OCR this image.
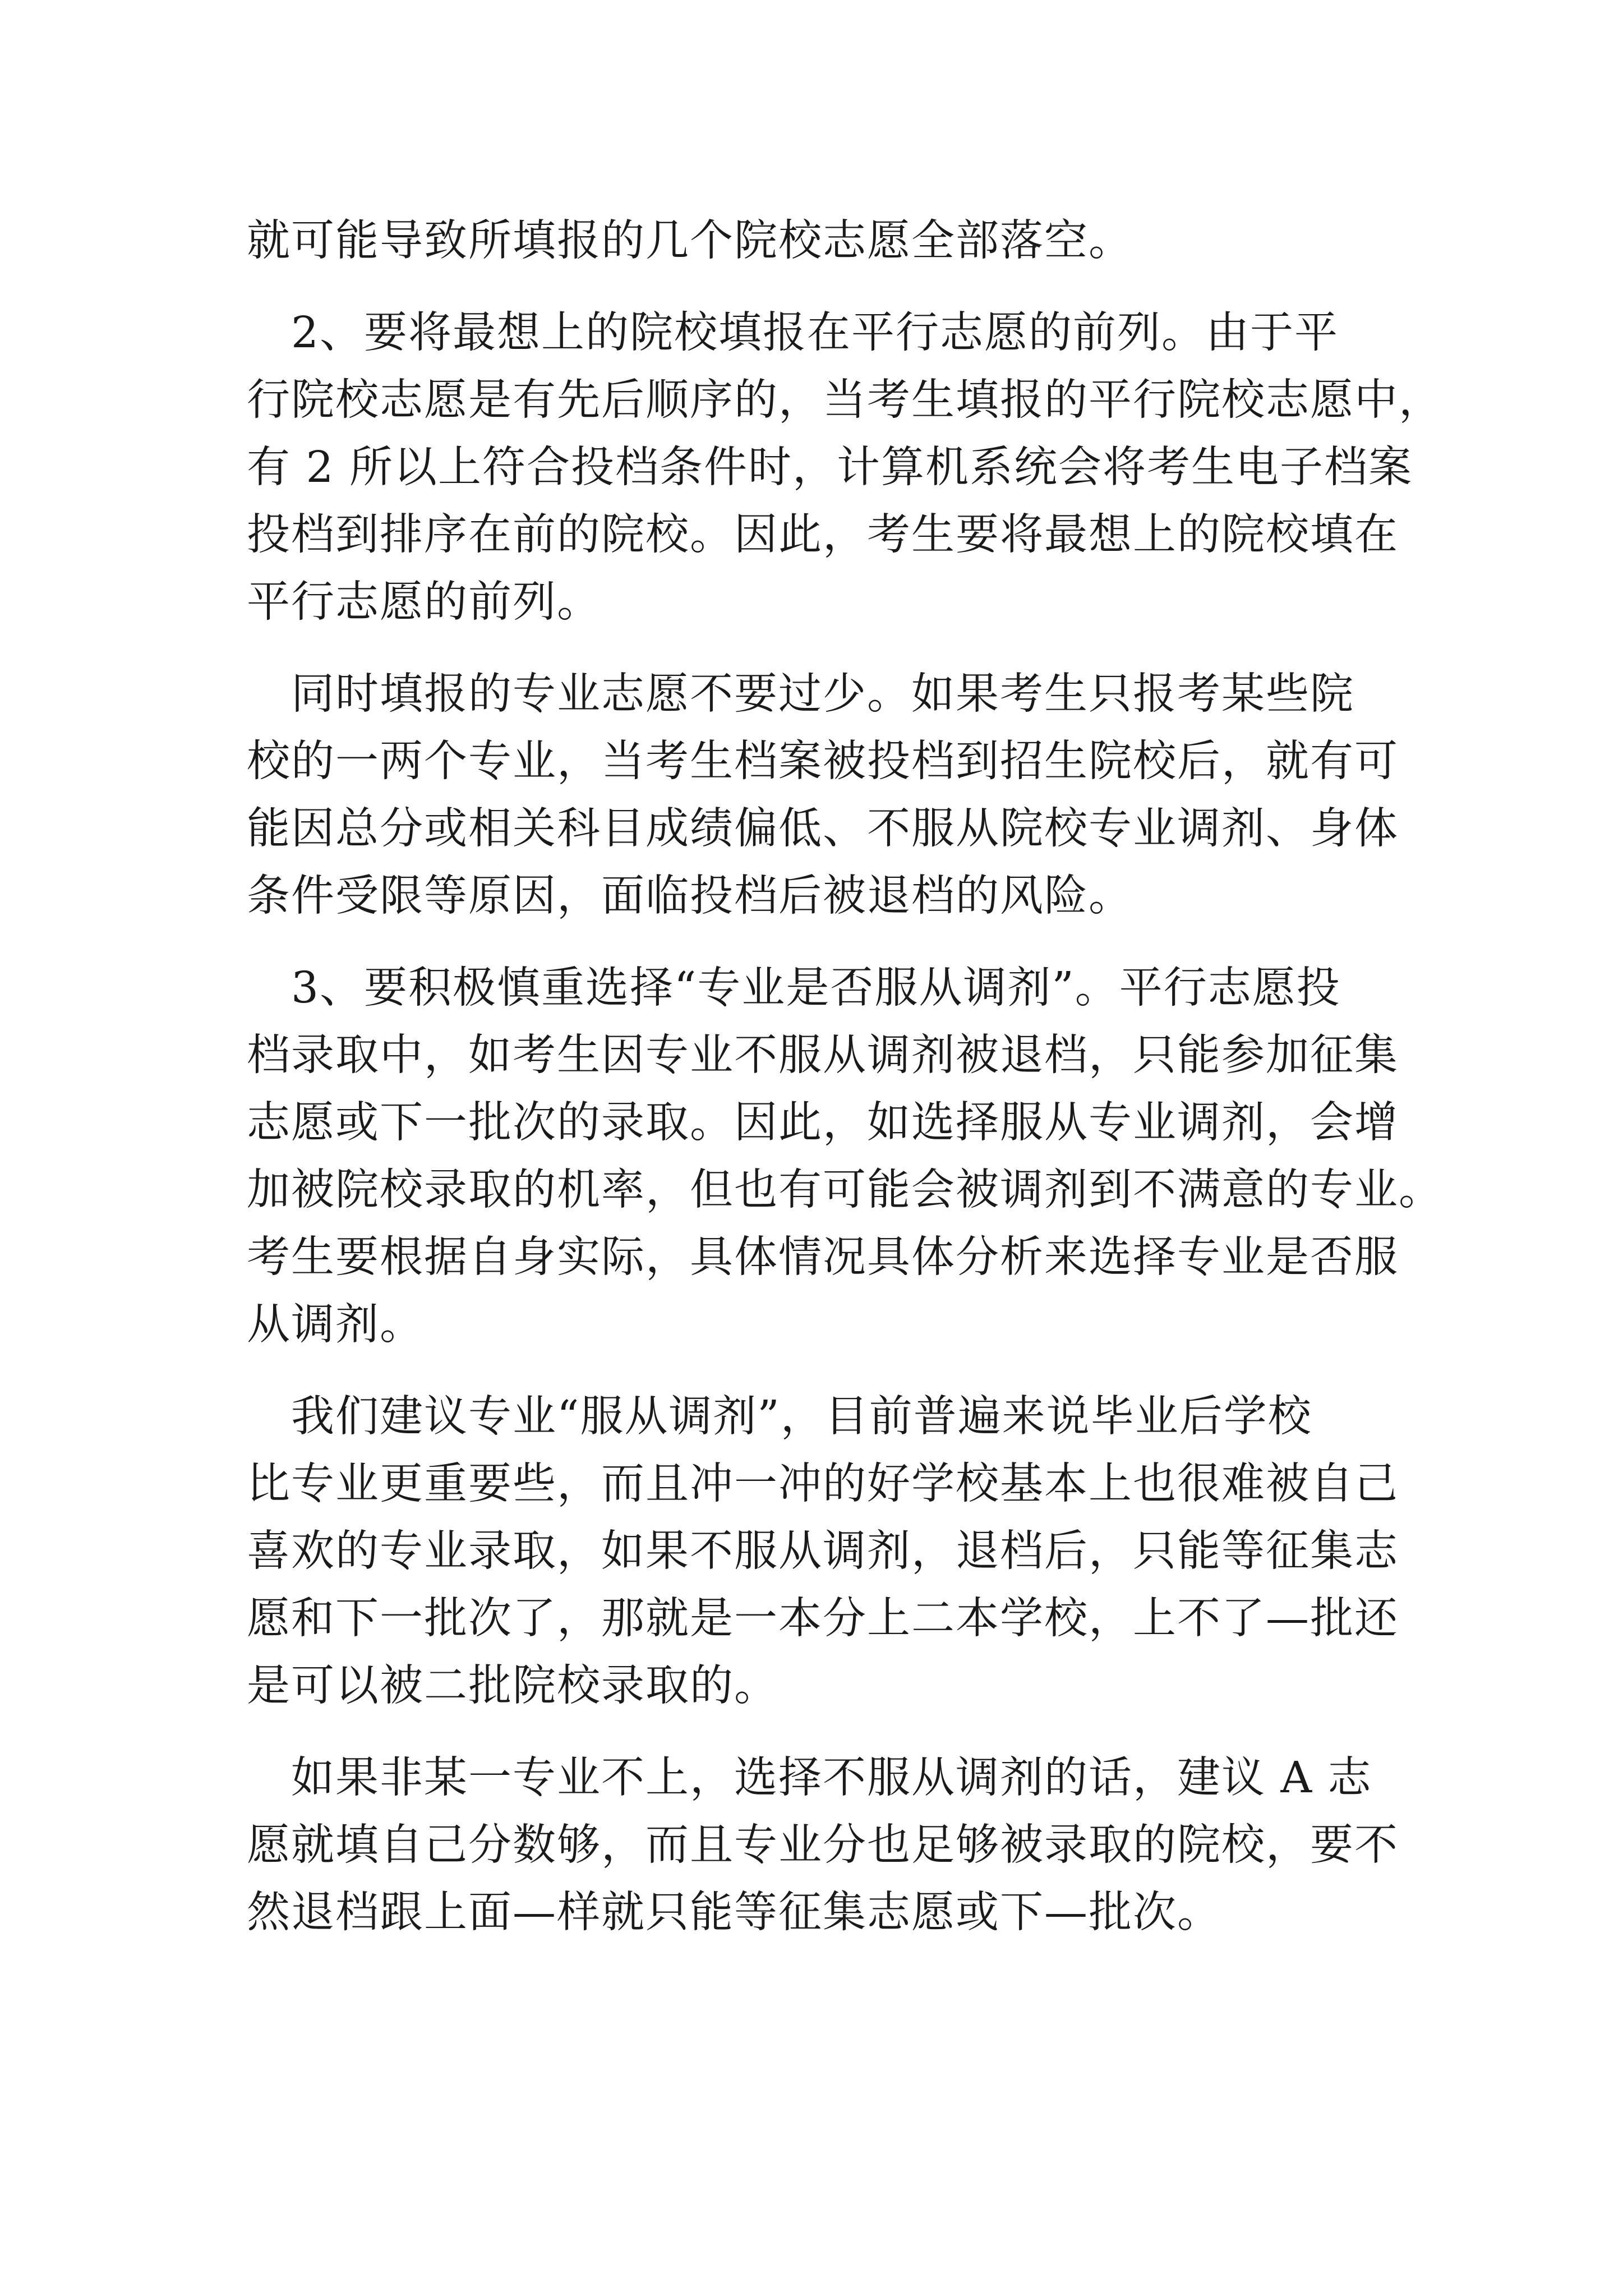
就可能导致所填报的几个院校志愿全部落空。
　2、要将最想上的院校填报在平行志愿的前列。由于平
行院校志愿是有先后顺序的，当考生填报的平行院校志愿中，
有 2 所以上符合投档条件时，计算机系统会将考生电子档案
投档到排序在前的院校。因此，考生要将最想上的院校填在
平行志愿的前列。
　同时填报的专业志愿不要过少。如果考生只报考某些院
校的一两个专业，当考生档案被投档到招生院校后，就有可
能因总分或相关科目成绩偏低、不服从院校专业调剂、身体
条件受限等原因，面临投档后被退档的风险。
　3、要积极慎重选择“专业是否服从调剂”。平行志愿投
档录取中，如考生因专业不服从调剂被退档，只能参加征集
志愿或下一批次的录取。因此，如选择服从专业调剂，会增
加被院校录取的机率，但也有可能会被调剂到不满意的专业。
考生要根据自身实际，具体情况具体分析来选择专业是否服
从调剂。
　我们建议专业“服从调剂”，目前普遍来说毕业后学校
比专业更重要些，而且冲一冲的好学校基本上也很难被自己
喜欢的专业录取，如果不服从调剂，退档后，只能等征集志
愿和下一批次了，那就是一本分上二本学校，上不了—批还
是可以被二批院校录取的。
　如果非某一专业不上，选择不服从调剂的话，建议 A 志
愿就填自己分数够，而且专业分也足够被录取的院校，要不
然退档跟上面—样就只能等征集志愿或下—批次。
